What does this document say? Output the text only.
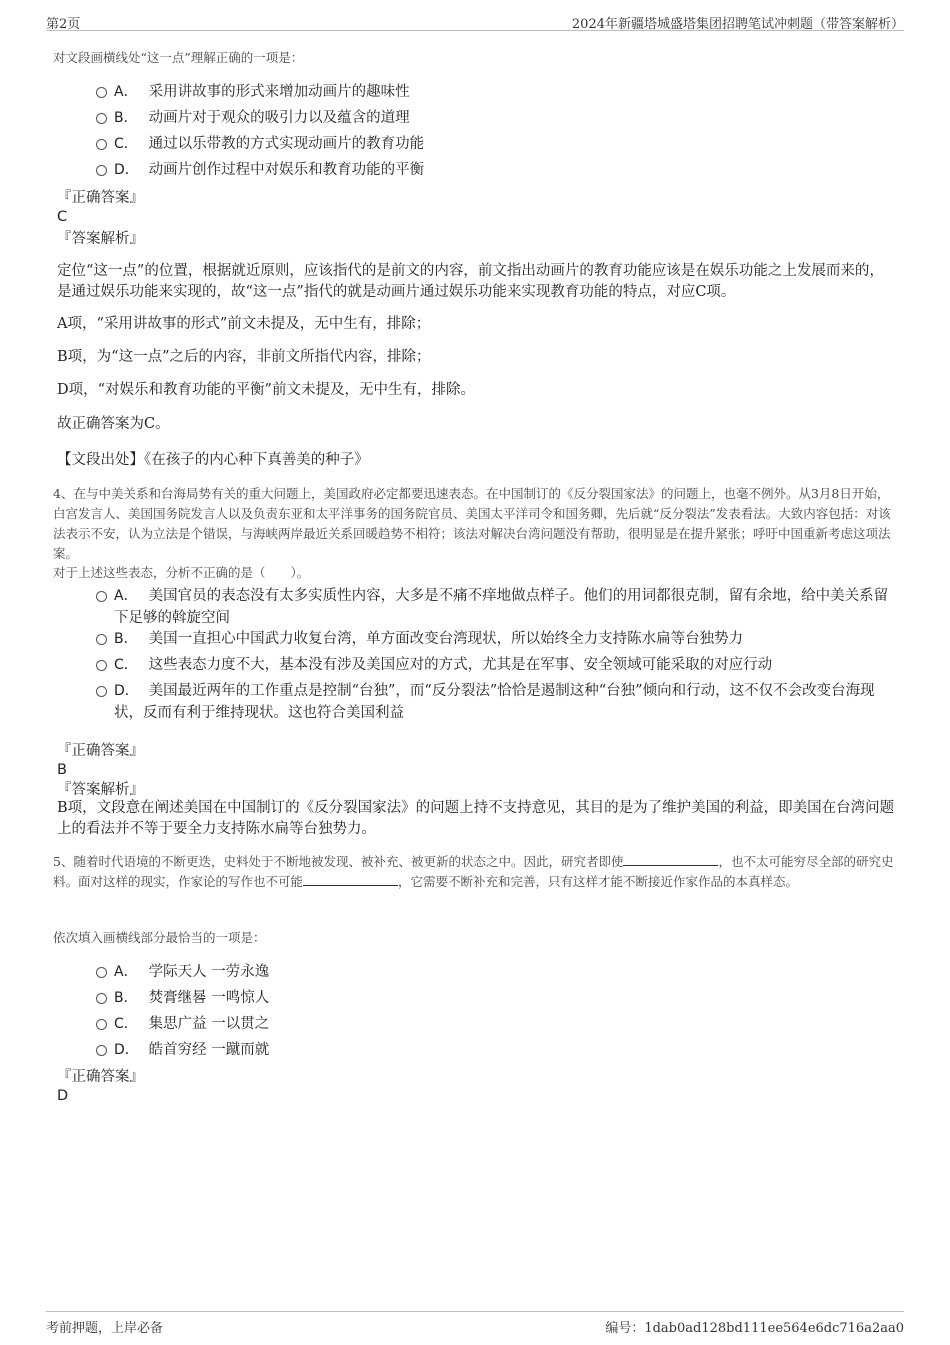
第2页	2024年新疆塔城盛塔集团招聘笔试冲刺题（带答案解析）
对文段画横线处“这一点”理解正确的一项是：
A． 采用讲故事的形式来增加动画片的趣味性
B． 动画片对于观众的吸引力以及蕴含的道理
C． 通过以乐带教的方式实现动画片的教育功能
D． 动画片创作过程中对娱乐和教育功能的平衡
『正确答案』
C
『答案解析』
定位“这一点”的位置，根据就近原则，应该指代的是前文的内容，前文指出动画片的教育功能应该是在娱乐功能之上发展而来的，是通过娱乐功能来实现的，故“这一点”指代的就是动画片通过娱乐功能来实现教育功能的特点，对应C项。
A项，“采用讲故事的形式”前文未提及，无中生有，排除；
B项，为“这一点”之后的内容，非前文所指代内容，排除；
D项，“对娱乐和教育功能的平衡”前文未提及，无中生有，排除。
故正确答案为C。
【文段出处】《在孩子的内心种下真善美的种子》
4、在与中美关系和台海局势有关的重大问题上，美国政府必定都要迅速表态。在中国制订的《反分裂国家法》的问题上，也毫不例外。从3月8日开始，白宫发言人、美国国务院发言人以及负责东亚和太平洋事务的国务院官员、美国太平洋司令和国务卿，先后就“反分裂法”发表看法。大致内容包括：对该法表示不安，认为立法是个错误，与海峡两岸最近关系回暖趋势不相符；该法对解决台湾问题没有帮助，很明显是在提升紧张；呼吁中国重新考虑这项法案。
对于上述这些表态，分析不正确的是（　　）。
A． 美国官员的表态没有太多实质性内容，大多是不痛不痒地做点样子。他们的用词都很克制，留有余地，给中美关系留下足够的斡旋空间
B． 美国一直担心中国武力收复台湾，单方面改变台湾现状，所以始终全力支持陈水扁等台独势力
C． 这些表态力度不大，基本没有涉及美国应对的方式，尤其是在军事、安全领域可能采取的对应行动
D． 美国最近两年的工作重点是控制“台独”，而“反分裂法”恰恰是遏制这种“台独”倾向和行动，这不仅不会改变台海现状，反而有利于维持现状。这也符合美国利益
『正确答案』
B
『答案解析』
B项，文段意在阐述美国在中国制订的《反分裂国家法》的问题上持不支持意见，其目的是为了维护美国的利益，即美国在台湾问题上的看法并不等于要全力支持陈水扁等台独势力。
5、随着时代语境的不断更迭，史料处于不断地被发现、被补充、被更新的状态之中。因此，研究者即使	，也不太可能穷尽全部的研究史料。面对这样的现实，作家论的写作也不可能	，它需要不断补充和完善，只有这样才能不断接近作家作品的本真样态。
依次填入画横线部分最恰当的一项是：
A． 学际天人 一劳永逸
B． 焚膏继晷 一鸣惊人
C． 集思广益 一以贯之
D． 皓首穷经 一蹴而就
『正确答案』
D
考前押题，上岸必备	编号：1dab0ad128bd111ee564e6dc716a2aa0
